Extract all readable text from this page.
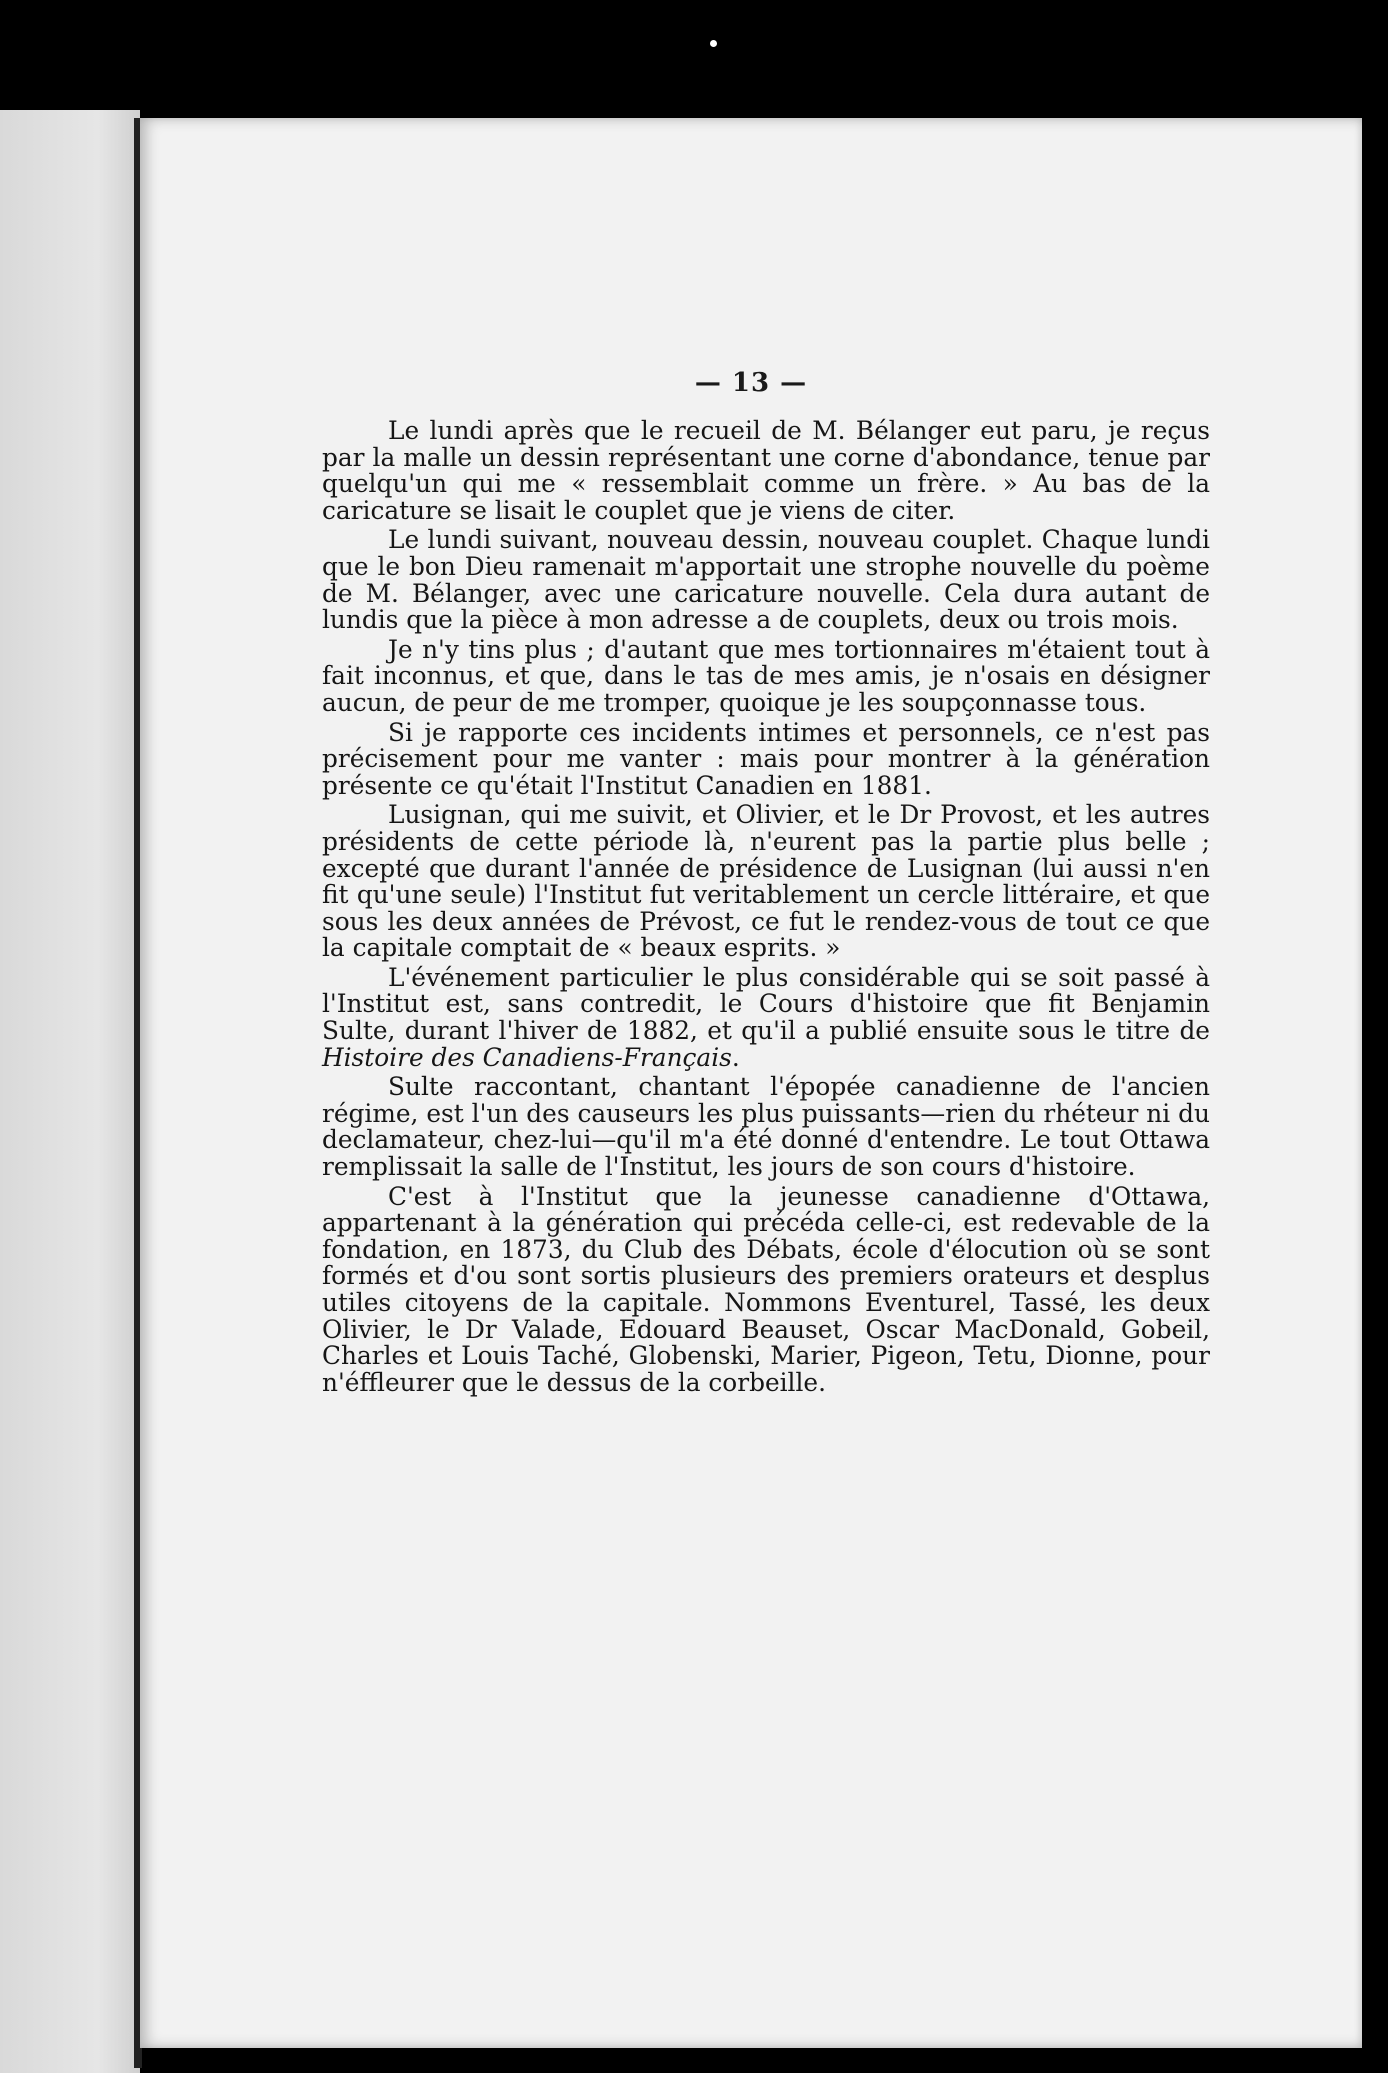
— 13 —

Le lundi après que le recueil de M. Bélanger eut paru, je reçus par la malle un dessin représentant une corne d'abondance, tenue par quelqu'un qui me « ressemblait comme un frère. » Au bas de la caricature se lisait le couplet que je viens de citer.

Le lundi suivant, nouveau dessin, nouveau couplet. Chaque lundi que le bon Dieu ramenait m'apportait une strophe nouvelle du poème de M. Bélanger, avec une caricature nouvelle. Cela dura autant de lundis que la pièce à mon adresse a de couplets, deux ou trois mois.

Je n'y tins plus ; d'autant que mes tortionnaires m'étaient tout à fait inconnus, et que, dans le tas de mes amis, je n'osais en désigner aucun, de peur de me tromper, quoique je les soupçonnasse tous.

Si je rapporte ces incidents intimes et personnels, ce n'est pas précisement pour me vanter : mais pour montrer à la génération présente ce qu'était l'Institut Canadien en 1881.

Lusignan, qui me suivit, et Olivier, et le Dr Provost, et les autres présidents de cette période là, n'eurent pas la partie plus belle ; excepté que durant l'année de présidence de Lusignan (lui aussi n'en fit qu'une seule) l'Institut fut veritablement un cercle littéraire, et que sous les deux années de Prévost, ce fut le rendez-vous de tout ce que la capitale comptait de « beaux esprits. »

L'événement particulier le plus considérable qui se soit passé à l'Institut est, sans contredit, le Cours d'histoire que fit Benjamin Sulte, durant l'hiver de 1882, et qu'il a publié ensuite sous le titre de Histoire des Canadiens-Français.

Sulte raccontant, chantant l'épopée canadienne de l'ancien régime, est l'un des causeurs les plus puissants—rien du rhéteur ni du declamateur, chez-lui—qu'il m'a été donné d'entendre. Le tout Ottawa remplissait la salle de l'Institut, les jours de son cours d'histoire.

C'est à l'Institut que la jeunesse canadienne d'Ottawa, appartenant à la génération qui précéda celle-ci, est redevable de la fondation, en 1873, du Club des Débats, école d'élocution où se sont formés et d'ou sont sortis plusieurs des premiers orateurs et desplus utiles citoyens de la capitale. Nommons Eventurel, Tassé, les deux Olivier, le Dr Valade, Edouard Beauset, Oscar MacDonald, Gobeil, Charles et Louis Taché, Globenski, Marier, Pigeon, Tetu, Dionne, pour n'éffleurer que le dessus de la corbeille.
